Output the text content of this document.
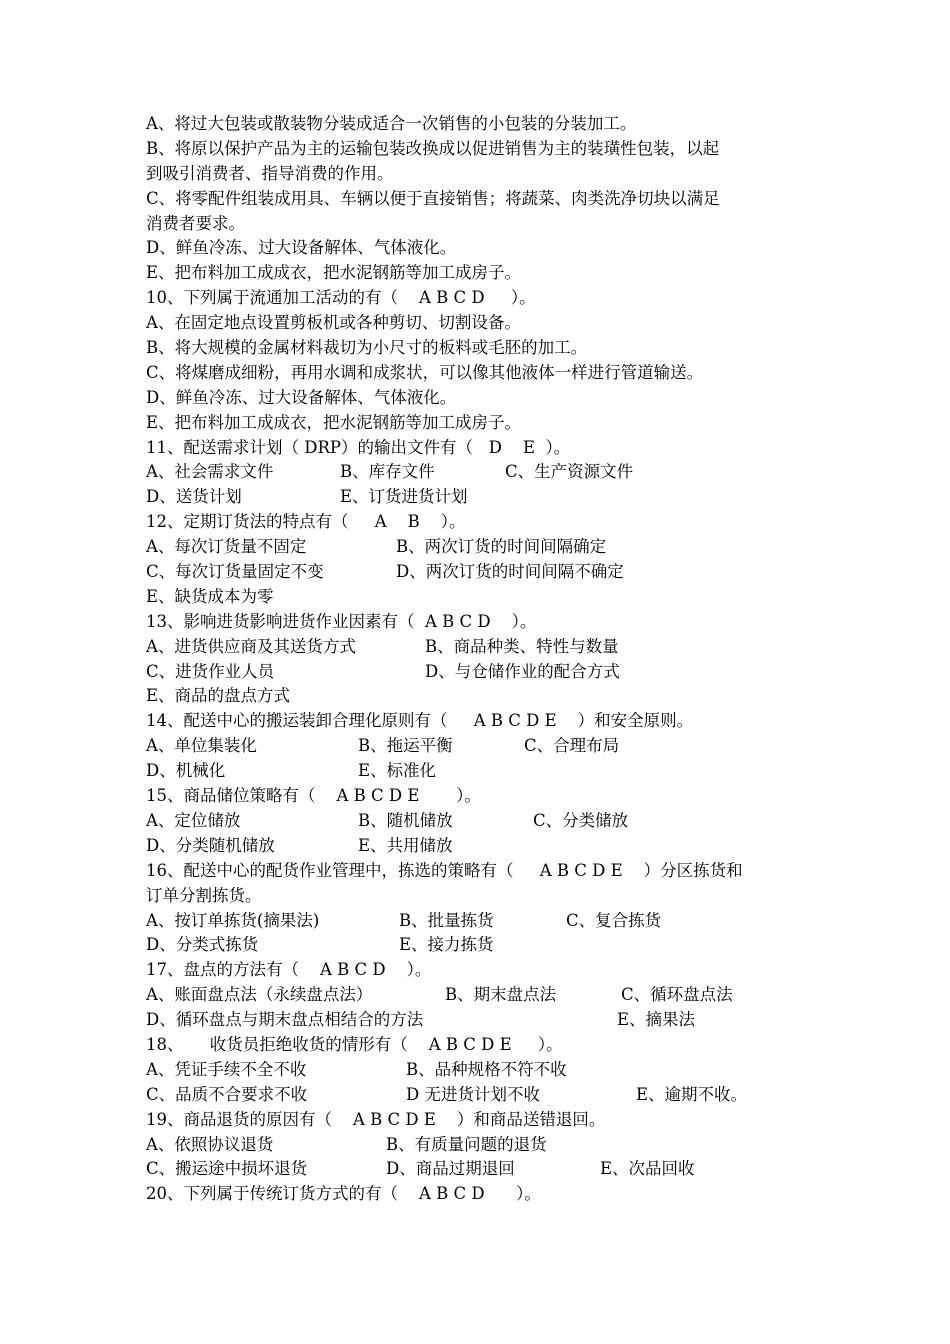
A、将过大包装或散装物分装成适合一次销售的小包装的分装加工。
B、将原以保护产品为主的运输包装改换成以促进销售为主的装璜性包装，以起
到吸引消费者、指导消费的作用。
C、将零配件组装成用具、车辆以便于直接销售；将蔬菜、肉类洗净切块以满足
消费者要求。
D、鲜鱼冷冻、过大设备解体、气体液化。
E、把布料加工成成衣，把水泥钢筋等加工成房子。
10、下列属于流通加工活动的有（    A B C D     ）。
A、在固定地点设置剪板机或各种剪切、切割设备。
B、将大规模的金属材料裁切为小尺寸的板料或毛胚的加工。
C、将煤磨成细粉，再用水调和成浆状，可以像其他液体一样进行管道输送。
D、鲜鱼冷冻、过大设备解体、气体液化。
E、把布料加工成成衣，把水泥钢筋等加工成房子。
11、配送需求计划（ DRP）的输出文件有（   D    E  ）。
A、社会需求文件	B、库存文件	C、生产资源文件
D、送货计划	E、订货进货计划
12、定期订货法的特点有（     A    B    ）。
A、每次订货量不固定	B、两次订货的时间间隔确定
C、每次订货量固定不变	D、两次订货的时间间隔不确定
E、缺货成本为零
13、影响进货影响进货作业因素有（  A B C D    ）。
A、进货供应商及其送货方式	B、商品种类、特性与数量
C、进货作业人员	D、与仓储作业的配合方式
E、商品的盘点方式
14、配送中心的搬运装卸合理化原则有（     A B C D E    ）和安全原则。
A、单位集装化	B、拖运平衡	C、合理布局
D、机械化	E、标准化
15、商品储位策略有（    A B C D E       ）。
A、定位储放	B、随机储放	C、分类储放
D、分类随机储放	E、共用储放
16、配送中心的配货作业管理中，拣选的策略有（     A B C D E    ）分区拣货和
订单分割拣货。
A、按订单拣货(摘果法)	B、批量拣货	C、复合拣货
D、分类式拣货	E、接力拣货
17、盘点的方法有（    A B C D    ）。
A、账面盘点法（永续盘点法）	B、期末盘点法	C、循环盘点法
D、循环盘点与期末盘点相结合的方法	E、摘果法
18、     收货员拒绝收货的情形有（    A B C D E     ）。
A、凭证手续不全不收	B、品种规格不符不收
C、品质不合要求不收	D 无进货计划不收	E、逾期不收。
19、商品退货的原因有（    A B C D E    ）和商品送错退回。
A、依照协议退货	B、有质量问题的退货
C、搬运途中损坏退货	D、商品过期退回	E、次品回收
20、下列属于传统订货方式的有（    A B C D      ）。
